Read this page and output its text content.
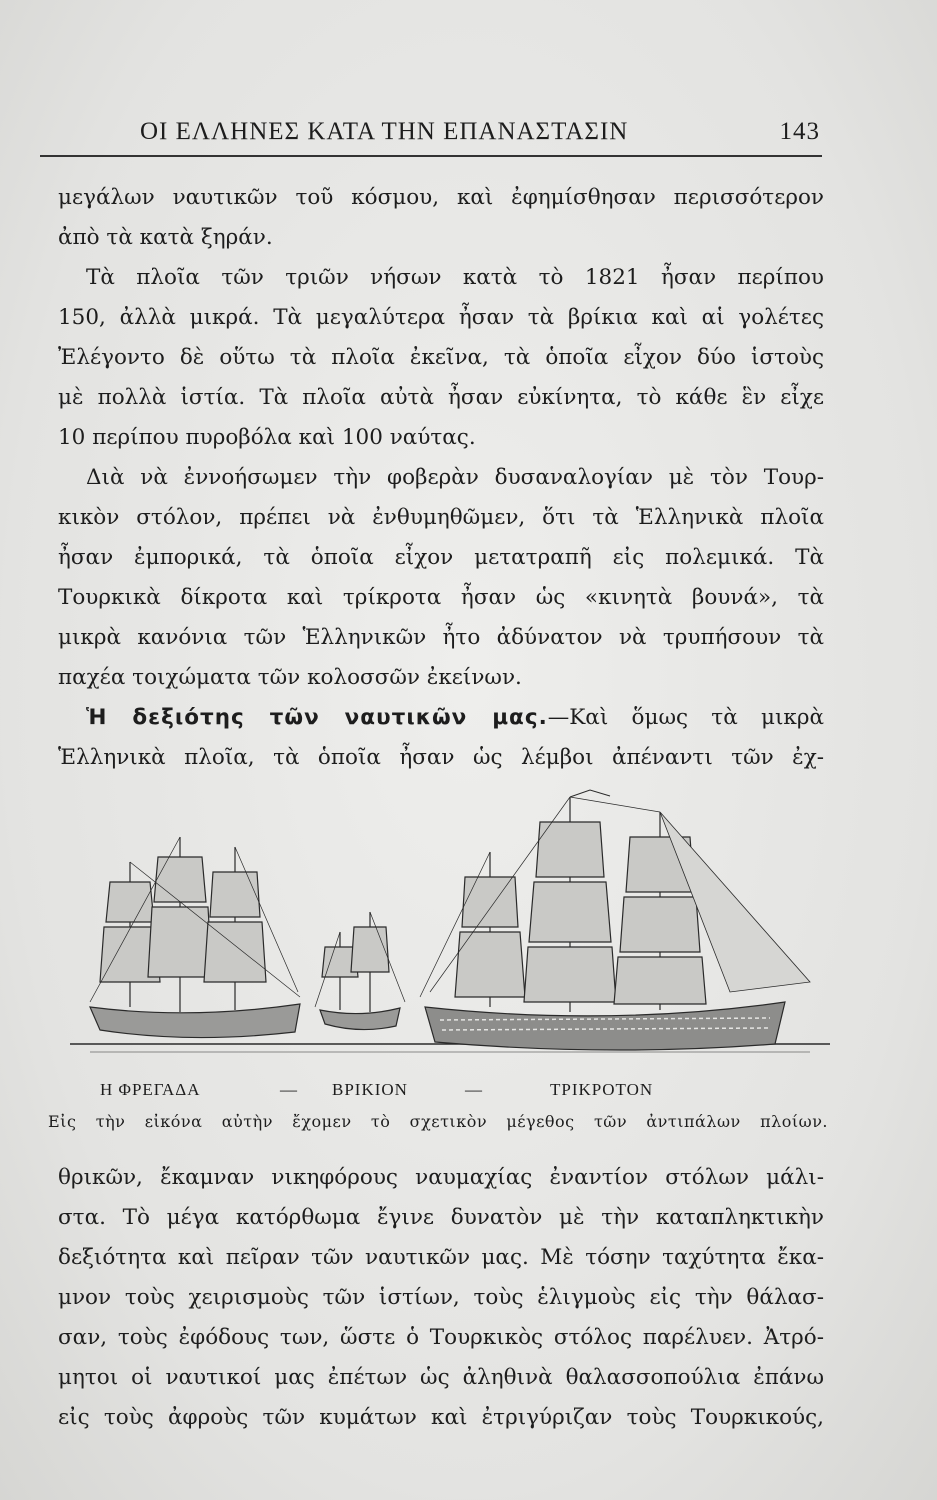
ΟΙ ΕΛΛΗΝΕΣ ΚΑΤΑ ΤΗΝ ΕΠΑΝΑΣΤΑΣΙΝ	143
μεγάλων ναυτικῶν τοῦ κόσμου, καὶ ἐφημίσθησαν περισσότερον
ἀπὸ τὰ κατὰ ξηράν.
Τὰ πλοῖα τῶν τριῶν νήσων κατὰ τὸ 1821 ἦσαν περίπου
150, ἀλλὰ μικρά. Τὰ μεγαλύτερα ἦσαν τὰ βρίκια καὶ αἱ γολέτες
Ἐλέγοντο δὲ οὕτω τὰ πλοῖα ἐκεῖνα, τὰ ὁποῖα εἶχον δύο ἱστοὺς
μὲ πολλὰ ἱστία. Τὰ πλοῖα αὐτὰ ἦσαν εὐκίνητα, τὸ κάθε ἓν εἶχε
10 περίπου πυροβόλα καὶ 100 ναύτας.
Διὰ νὰ ἐννοήσωμεν τὴν φοβερὰν δυσαναλογίαν μὲ τὸν Τουρ-
κικὸν στόλον, πρέπει νὰ ἐνθυμηθῶμεν, ὅτι τὰ Ἑλληνικὰ πλοῖα
ἦσαν ἐμπορικά, τὰ ὁποῖα εἶχον μετατραπῆ εἰς πολεμικά. Τὰ
Τουρκικὰ δίκροτα καὶ τρίκροτα ἦσαν ὡς «κινητὰ βουνά», τὰ
μικρὰ κανόνια τῶν Ἑλληνικῶν ἦτο ἀδύνατον νὰ τρυπήσουν τὰ
παχέα τοιχώματα τῶν κολοσσῶν ἐκείνων.
Ἡ δεξιότης τῶν ναυτικῶν μας.—Καὶ ὅμως τὰ μικρὰ
Ἑλληνικὰ πλοῖα, τὰ ὁποῖα ἦσαν ὡς λέμβοι ἀπέναντι τῶν ἐχ-
Η ΦΡΕΓΑΔΑ	— ΒΡΙΚΙΟΝ	—	ΤΡΙΚΡΟΤΟΝ
Εἰς τὴν εἰκόνα αὐτὴν ἔχομεν τὸ σχετικὸν μέγεθος τῶν ἀντιπάλων πλοίων.
θρικῶν, ἔκαμναν νικηφόρους ναυμαχίας ἐναντίον στόλων μάλι-
στα. Τὸ μέγα κατόρθωμα ἔγινε δυνατὸν μὲ τὴν καταπληκτικὴν
δεξιότητα καὶ πεῖραν τῶν ναυτικῶν μας. Μὲ τόσην ταχύτητα ἔκα-
μνον τοὺς χειρισμοὺς τῶν ἱστίων, τοὺς ἑλιγμοὺς εἰς τὴν θάλασ-
σαν, τοὺς ἐφόδους των, ὥστε ὁ Τουρκικὸς στόλος παρέλυεν. Ἀτρό-
μητοι οἱ ναυτικοί μας ἐπέτων ὡς ἀληθινὰ θαλασσοπούλια ἐπάνω
εἰς τοὺς ἀφροὺς τῶν κυμάτων καὶ ἐτριγύριζαν τοὺς Τουρκικούς,
